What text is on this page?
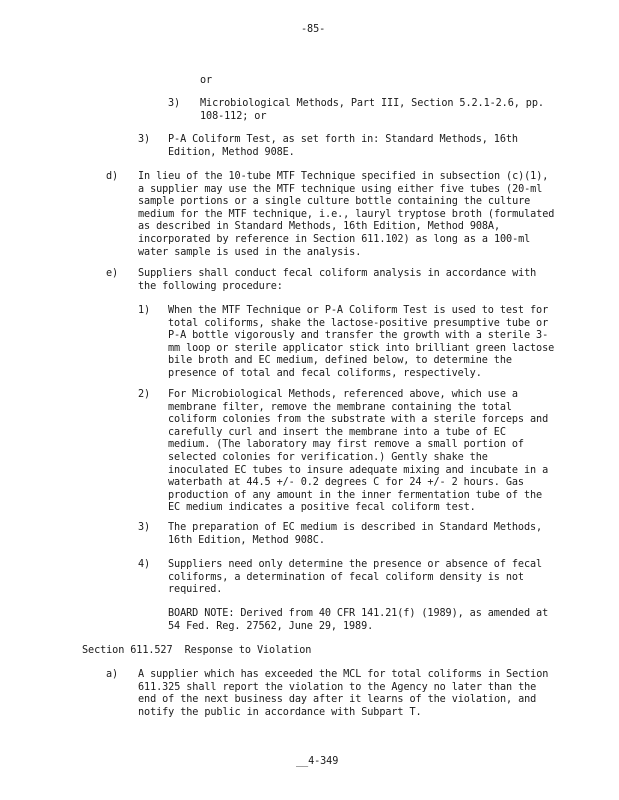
-85-
or
3) Microbiological Methods, Part III, Section 5.2.1-2.6, pp.
108-112; or
3) P-A Coliform Test, as set forth in: Standard Methods, 16th
Edition, Method 908E.
d) In lieu of the 10-tube MTF Technique specified in subsection (c)(1),
a supplier may use the MTF technique using either five tubes (20-ml
sample portions or a single culture bottle containing the culture
medium for the MTF technique, i.e., lauryl tryptose broth (formulated
as described in Standard Methods, 16th Edition, Method 908A,
incorporated by reference in Section 611.102) as long as a 100-ml
water sample is used in the analysis.
e) Suppliers shall conduct fecal coliform analysis in accordance with
the following procedure:
1) When the MTF Technique or P-A Coliform Test is used to test for
total coliforms, shake the lactose-positive presumptive tube or
P-A bottle vigorously and transfer the growth with a sterile 3-
mm loop or sterile applicator stick into brilliant green lactose
bile broth and EC medium, defined below, to determine the
presence of total and fecal coliforms, respectively.
2) For Microbiological Methods, referenced above, which use a
membrane filter, remove the membrane containing the total
coliform colonies from the substrate with a sterile forceps and
carefully curl and insert the membrane into a tube of EC
medium. (The laboratory may first remove a small portion of
selected colonies for verification.) Gently shake the
inoculated EC tubes to insure adequate mixing and incubate in a
waterbath at 44.5 +/- 0.2 degrees C for 24 +/- 2 hours. Gas
production of any amount in the inner fermentation tube of the
EC medium indicates a positive fecal coliform test.
3) The preparation of EC medium is described in Standard Methods,
16th Edition, Method 908C.
4) Suppliers need only determine the presence or absence of fecal
coliforms, a determination of fecal coliform density is not
required.
BOARD NOTE: Derived from 40 CFR 141.21(f) (1989), as amended at
54 Fed. Reg. 27562, June 29, 1989.
Section 611.527  Response to Violation
a) A supplier which has exceeded the MCL for total coliforms in Section
611.325 shall report the violation to the Agency no later than the
end of the next business day after it learns of the violation, and
notify the public in accordance with Subpart T.
__4-349
